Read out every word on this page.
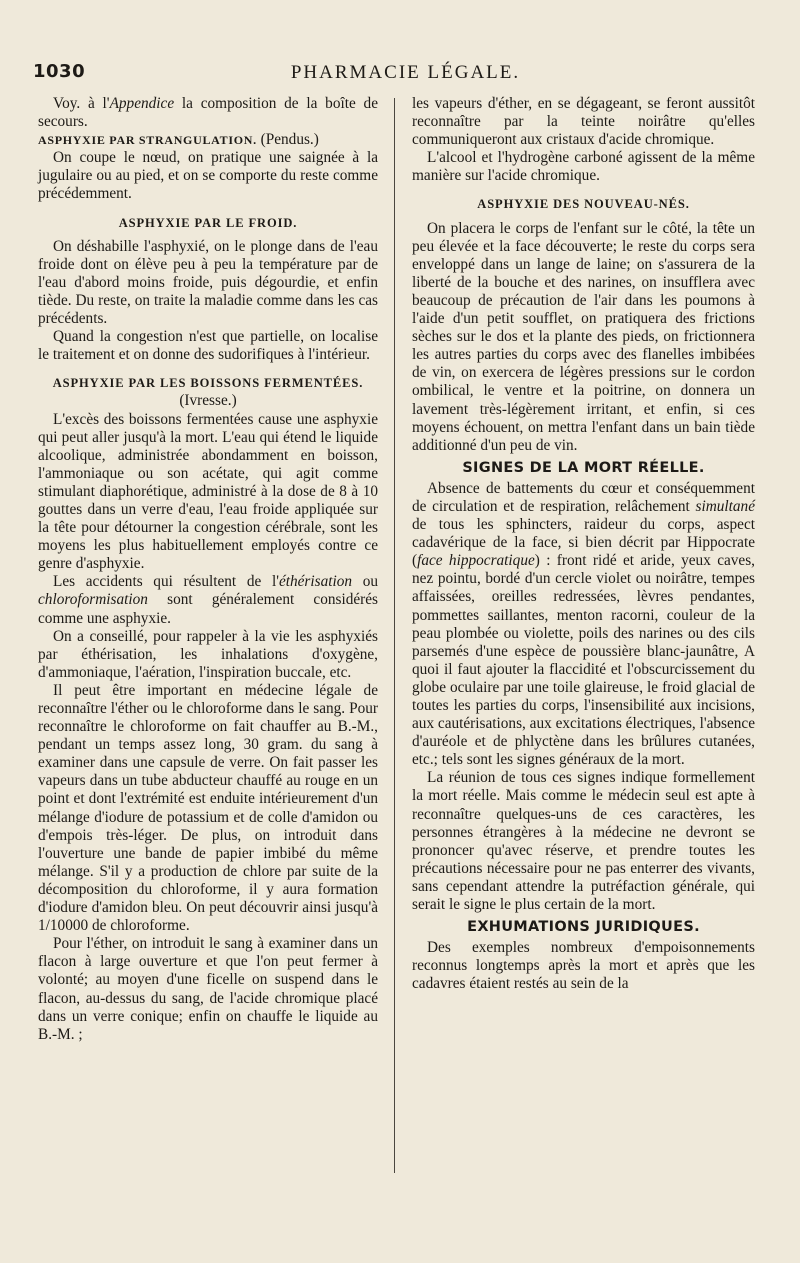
1030	PHARMACIE LÉGALE.

Voy. à l'Appendice la composition de la boîte de secours.

ASPHYXIE PAR STRANGULATION. (Pendus.)

On coupe le nœud, on pratique une saignée à la jugulaire ou au pied, et on se comporte du reste comme précédemment.

ASPHYXIE PAR LE FROID.

On déshabille l'asphyxié, on le plonge dans de l'eau froide dont on élève peu à peu la température par de l'eau d'abord moins froide, puis dégourdie, et enfin tiède. Du reste, on traite la maladie comme dans les cas précédents.

Quand la congestion n'est que partielle, on localise le traitement et on donne des sudorifiques à l'intérieur.

ASPHYXIE PAR LES BOISSONS FERMENTÉES.

(Ivresse.)

L'excès des boissons fermentées cause une asphyxie qui peut aller jusqu'à la mort. L'eau qui étend le liquide alcoolique, administrée abondamment en boisson, l'ammoniaque ou son acétate, qui agit comme stimulant diaphorétique, administré à la dose de 8 à 10 gouttes dans un verre d'eau, l'eau froide appliquée sur la tête pour détourner la congestion cérébrale, sont les moyens les plus habituellement employés contre ce genre d'asphyxie.

Les accidents qui résultent de l'éthérisation ou chloroformisation sont généralement considérés comme une asphyxie.

On a conseillé, pour rappeler à la vie les asphyxiés par éthérisation, les inhalations d'oxygène, d'ammoniaque, l'aération, l'inspiration buccale, etc.

Il peut être important en médecine légale de reconnaître l'éther ou le chloroforme dans le sang. Pour reconnaître le chloroforme on fait chauffer au B.-M., pendant un temps assez long, 30 gram. du sang à examiner dans une capsule de verre. On fait passer les vapeurs dans un tube abducteur chauffé au rouge en un point et dont l'extrémité est enduite intérieurement d'un mélange d'iodure de potassium et de colle d'amidon ou d'empois très-léger. De plus, on introduit dans l'ouverture une bande de papier imbibé du même mélange. S'il y a production de chlore par suite de la décomposition du chloroforme, il y aura formation d'iodure d'amidon bleu. On peut découvrir ainsi jusqu'à 1/10000 de chloroforme.

Pour l'éther, on introduit le sang à examiner dans un flacon à large ouverture et que l'on peut fermer à volonté; au moyen d'une ficelle on suspend dans le flacon, au-dessus du sang, de l'acide chromique placé dans un verre conique; enfin on chauffe le liquide au B.-M. ;

les vapeurs d'éther, en se dégageant, se feront aussitôt reconnaître par la teinte noirâtre qu'elles communiqueront aux cristaux d'acide chromique.

L'alcool et l'hydrogène carboné agissent de la même manière sur l'acide chromique.

ASPHYXIE DES NOUVEAU-NÉS.

On placera le corps de l'enfant sur le côté, la tête un peu élevée et la face découverte; le reste du corps sera enveloppé dans un lange de laine; on s'assurera de la liberté de la bouche et des narines, on insufflera avec beaucoup de précaution de l'air dans les poumons à l'aide d'un petit soufflet, on pratiquera des frictions sèches sur le dos et la plante des pieds, on frictionnera les autres parties du corps avec des flanelles imbibées de vin, on exercera de légères pressions sur le cordon ombilical, le ventre et la poitrine, on donnera un lavement très-légèrement irritant, et enfin, si ces moyens échouent, on mettra l'enfant dans un bain tiède additionné d'un peu de vin.

SIGNES DE LA MORT RÉELLE.

Absence de battements du cœur et conséquemment de circulation et de respiration, relâchement simultané de tous les sphincters, raideur du corps, aspect cadavérique de la face, si bien décrit par Hippocrate (face hippocratique) : front ridé et aride, yeux caves, nez pointu, bordé d'un cercle violet ou noirâtre, tempes affaissées, oreilles redressées, lèvres pendantes, pommettes saillantes, menton racorni, couleur de la peau plombée ou violette, poils des narines ou des cils parsemés d'une espèce de poussière blanc-jaunâtre, A quoi il faut ajouter la flaccidité et l'obscurcissement du globe oculaire par une toile glaireuse, le froid glacial de toutes les parties du corps, l'insensibilité aux incisions, aux cautérisations, aux excitations électriques, l'absence d'auréole et de phlyctène dans les brûlures cutanées, etc.; tels sont les signes généraux de la mort.

La réunion de tous ces signes indique formellement la mort réelle. Mais comme le médecin seul est apte à reconnaître quelques-uns de ces caractères, les personnes étrangères à la médecine ne devront se prononcer qu'avec réserve, et prendre toutes les précautions nécessaire pour ne pas enterrer des vivants, sans cependant attendre la putréfaction générale, qui serait le signe le plus certain de la mort.

EXHUMATIONS JURIDIQUES.

Des exemples nombreux d'empoisonnements reconnus longtemps après la mort et après que les cadavres étaient restés au sein de la
